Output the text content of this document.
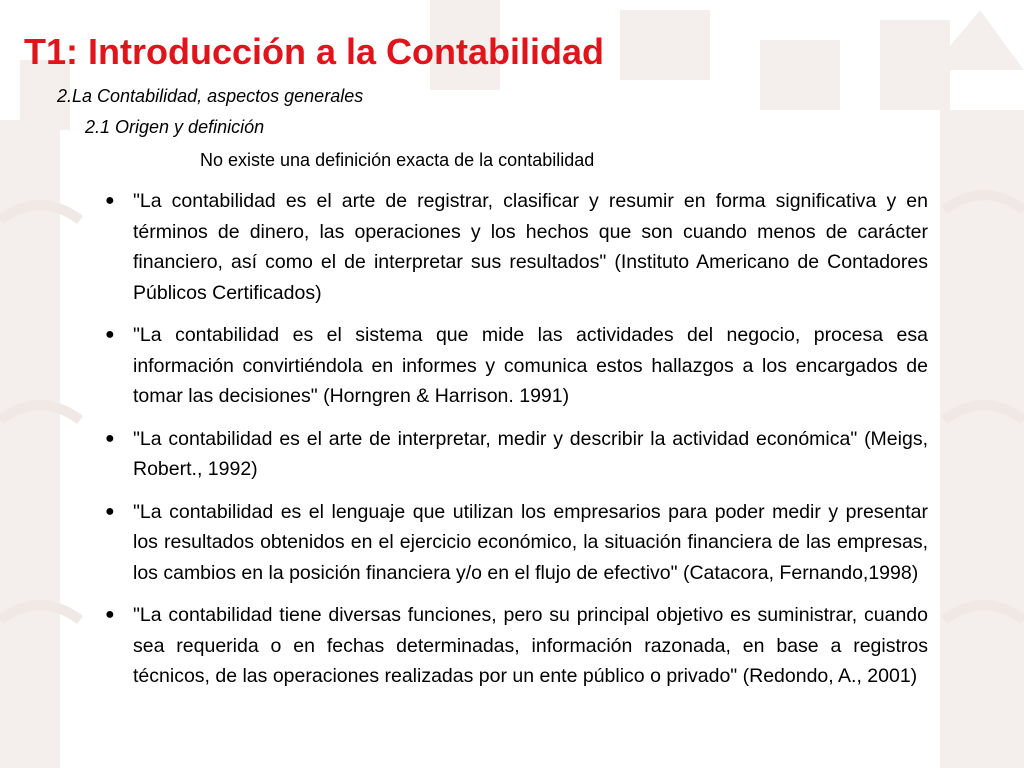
T1: Introducción a la Contabilidad
2.La Contabilidad, aspectos generales
2.1 Origen y definición
No existe una definición exacta de la contabilidad
● "La contabilidad es el arte de registrar, clasificar y resumir en forma significativa y en términos de dinero, las operaciones y los hechos que son cuando menos de carácter financiero, así como el de interpretar sus resultados" (Instituto Americano de Contadores Públicos Certificados)
● "La contabilidad es el sistema que mide las actividades del negocio, procesa esa información convirtiéndola en informes y comunica estos hallazgos a los encargados de tomar las decisiones" (Horngren & Harrison. 1991)
● "La contabilidad es el arte de interpretar, medir y describir la actividad económica" (Meigs, Robert., 1992)
● "La contabilidad es el lenguaje que utilizan los empresarios para poder medir y presentar los resultados obtenidos en el ejercicio económico, la situación financiera de las empresas, los cambios en la posición financiera y/o en el flujo de efectivo" (Catacora, Fernando,1998)
● "La contabilidad tiene diversas funciones, pero su principal objetivo es suministrar, cuando sea requerida o en fechas determinadas, información razonada, en base a registros técnicos, de las operaciones realizadas por un ente público o privado" (Redondo, A., 2001)
